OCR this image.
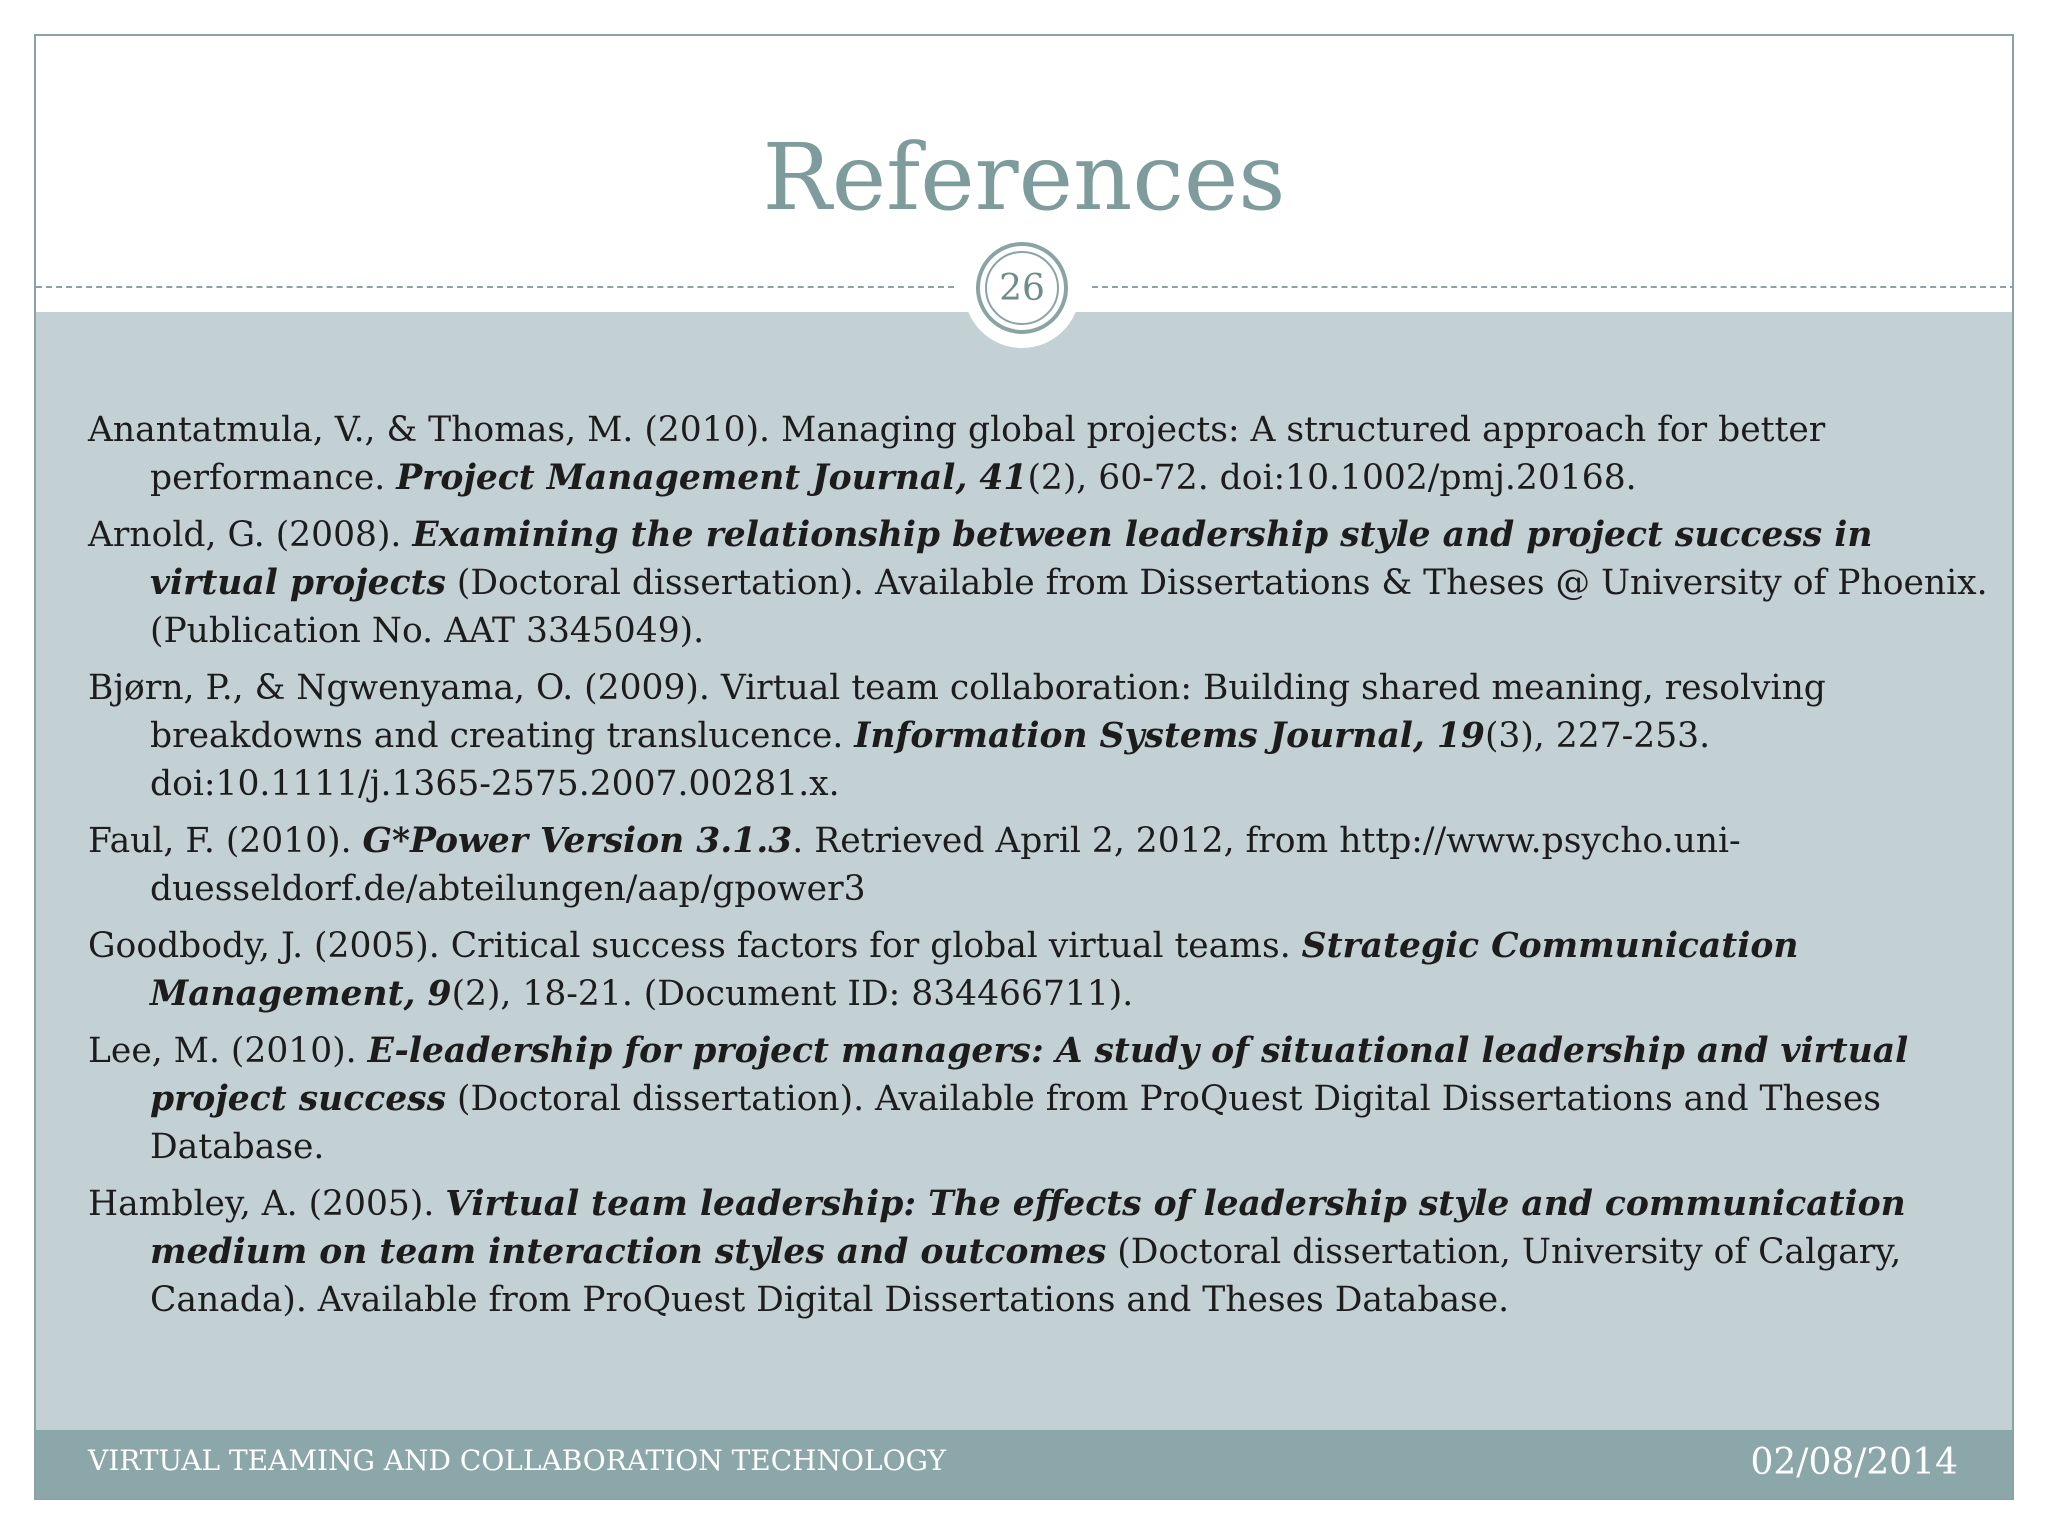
References
26
Anantatmula, V., & Thomas, M. (2010). Managing global projects: A structured approach for better performance. Project Management Journal, 41(2), 60-72. doi:10.1002/pmj.20168.
Arnold, G. (2008). Examining the relationship between leadership style and project success in virtual projects (Doctoral dissertation). Available from Dissertations & Theses @ University of Phoenix. (Publication No. AAT 3345049).
Bjørn, P., & Ngwenyama, O. (2009). Virtual team collaboration: Building shared meaning, resolving breakdowns and creating translucence. Information Systems Journal, 19(3), 227-253. doi:10.1111/j.1365-2575.2007.00281.x.
Faul, F. (2010). G*Power Version 3.1.3. Retrieved April 2, 2012, from http://www.psycho.uni-duesseldorf.de/abteilungen/aap/gpower3
Goodbody, J. (2005). Critical success factors for global virtual teams. Strategic Communication Management, 9(2), 18-21. (Document ID: 834466711).
Lee, M. (2010). E-leadership for project managers: A study of situational leadership and virtual project success (Doctoral dissertation). Available from ProQuest Digital Dissertations and Theses Database.
Hambley, A. (2005). Virtual team leadership: The effects of leadership style and communication medium on team interaction styles and outcomes (Doctoral dissertation, University of Calgary, Canada). Available from ProQuest Digital Dissertations and Theses Database.
VIRTUAL TEAMING AND COLLABORATION TECHNOLOGY	02/08/2014
